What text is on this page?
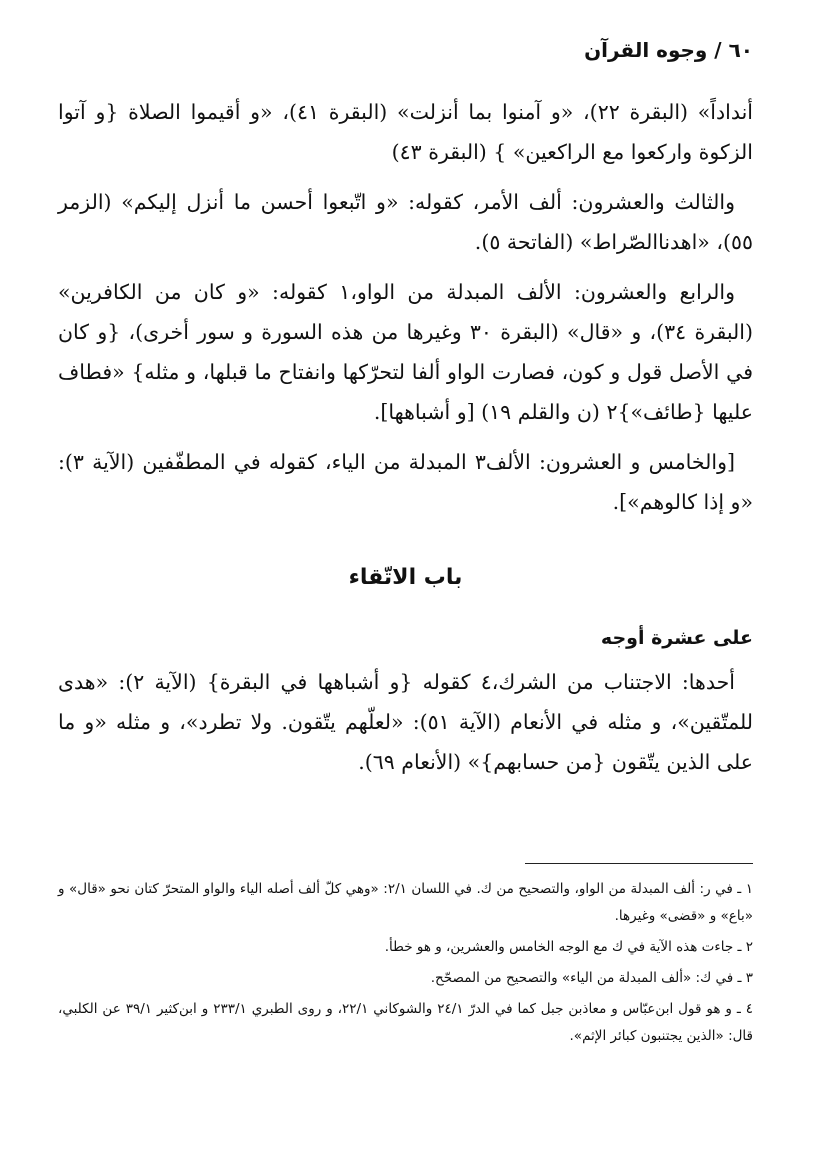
٦٠ / وجوه القرآن

أنداداً» (البقرة ٢٢)، «و آمنوا بما أنزلت» (البقرة ٤١)، «و أقيموا الصلاة {و آتوا الزكوة واركعوا مع الراكعين» } (البقرة ٤٣)

والثالث والعشرون: ألف الأمر، كقوله: «و اتّبعوا أحسن ما أنزل إليكم» (الزمر ٥٥)، «اهدناالصّراط» (الفاتحة ٥).

والرابع والعشرون: الألف المبدلة من الواو،١ كقوله: «و كان من الكافرين» (البقرة ٣٤)، و «قال» (البقرة ٣٠ وغيرها من هذه السورة و سور أخرى)، {و كان في الأصل قول و كون، فصارت الواو ألفا لتحرّكها وانفتاح ما قبلها، و مثله} «فطاف عليها {طائف»}٢ (ن والقلم ١٩) [و أشباهها].

[والخامس و العشرون: الألف٣ المبدلة من الياء، كقوله في المطفّفين (الآية ٣): «و إذا كالوهم»].

باب الاتّقاء
على عشرة أوجه

أحدها: الاجتناب من الشرك،٤ كقوله {و أشباهها في البقرة} (الآية ٢): «هدى للمتّقين»، و مثله في الأنعام (الآية ٥١): «لعلّهم يتّقون. ولا تطرد»، و مثله «و ما على الذين يتّقون {من حسابهم}» (الأنعام ٦٩).

١ ـ في ر: ألف المبدلة من الواو، والتصحيح من ك. في اللسان ٢/١: «وهي كلّ ألف أصله الياء والواو المتحرّ كتان نحو «قال» و «باع» و «قضى» وغيرها.

٢ ـ جاءت هذه الآية في ك مع الوجه الخامس والعشرين، و هو خطأ.

٣ ـ في ك: «ألف المبدلة من الياء» والتصحيح من المصحّح.

٤ ـ و هو قول ابن‌عبّاس و معاذبن جبل كما في الدرّ ٢٤/١ والشوكاني ٢٢/١، و روى الطبري ٢٣٣/١ و ابن‌كثير ٣٩/١ عن الكلبي، قال: «الذين يجتنبون كبائر الإثم».
